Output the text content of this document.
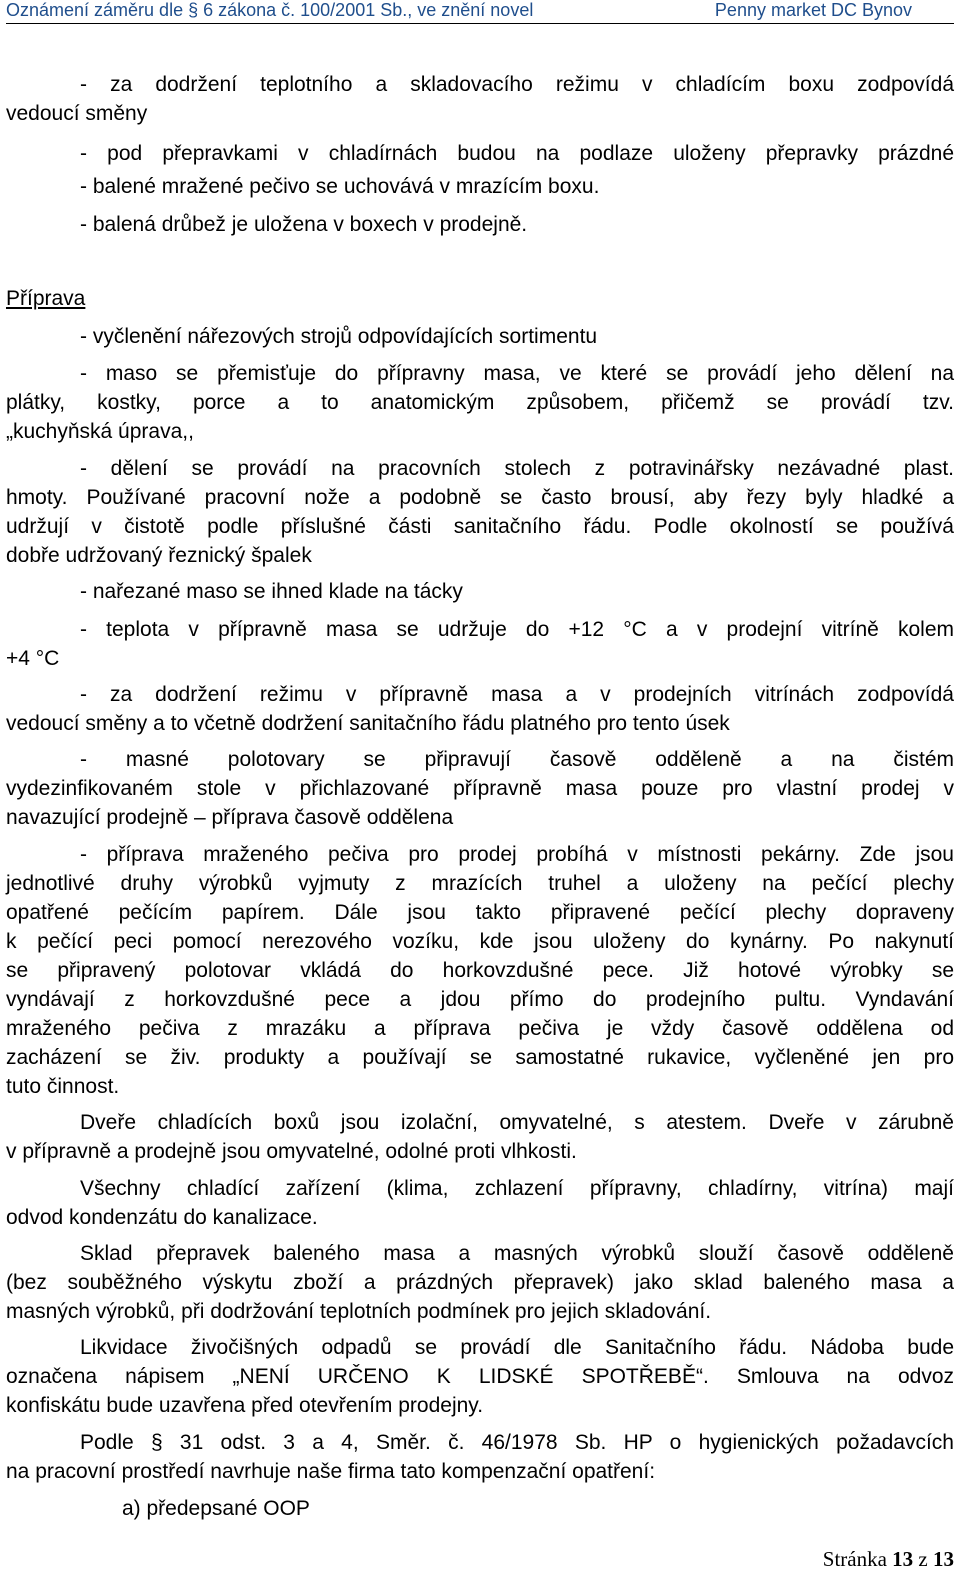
Oznámení záměru dle § 6 zákona č. 100/2001 Sb., ve znění novel	Penny market DC Bynov
- za dodržení teplotního a skladovacího režimu v chladícím boxu zodpovídá
vedoucí směny
- pod přepravkami v chladírnách budou na podlaze uloženy přepravky prázdné
- balené mražené pečivo se uchovává v mrazícím boxu.
- balená drůbež je uložena v boxech v prodejně.
Příprava
- vyčlenění nářezových strojů odpovídajících sortimentu
- maso se přemisťuje do přípravny masa, ve které se provádí jeho dělení na
plátky, kostky, porce a to anatomickým způsobem, přičemž se provádí tzv.
„kuchyňská úprava,,
- dělení se provádí na pracovních stolech z potravinářsky nezávadné plast.
hmoty. Používané pracovní nože a podobně se často brousí, aby řezy byly hladké a
udržují v čistotě podle příslušné části sanitačního řádu. Podle okolností se používá
dobře udržovaný řeznický špalek
- nařezané maso se ihned klade na tácky
- teplota v přípravně masa se udržuje do +12 °C a v prodejní vitríně kolem
+4 °C
- za dodržení režimu v přípravně masa a v prodejních vitrínách zodpovídá
vedoucí směny a to včetně dodržení sanitačního řádu platného pro tento úsek
- masné polotovary se připravují časově odděleně a na čistém
vydezinfikovaném stole v přichlazované přípravně masa pouze pro vlastní prodej v
navazující prodejně – příprava časově oddělena
- příprava mraženého pečiva pro prodej probíhá v místnosti pekárny. Zde jsou
jednotlivé druhy výrobků vyjmuty z mrazících truhel a uloženy na pečící plechy
opatřené pečícím papírem. Dále jsou takto připravené pečící plechy dopraveny
k pečící peci pomocí nerezového vozíku, kde jsou uloženy do kynárny. Po nakynutí
se připravený polotovar vkládá do horkovzdušné pece. Již hotové výrobky se
vyndávají z horkovzdušné pece a jdou přímo do prodejního pultu. Vyndavání
mraženého pečiva z mrazáku a příprava pečiva je vždy časově oddělena od
zacházení se živ. produkty a používají se samostatné rukavice, vyčleněné jen pro
tuto činnost.
Dveře chladících boxů jsou izolační, omyvatelné, s atestem. Dveře v zárubně
v přípravně a prodejně jsou omyvatelné, odolné proti vlhkosti.
Všechny chladící zařízení (klima, zchlazení přípravny, chladírny, vitrína) mají
odvod kondenzátu do kanalizace.
Sklad přepravek baleného masa a masných výrobků slouží časově odděleně
(bez souběžného výskytu zboží a prázdných přepravek) jako sklad baleného masa a
masných výrobků, při dodržování teplotních podmínek pro jejich skladování.
Likvidace živočišných odpadů se provádí dle Sanitačního řádu. Nádoba bude
označena nápisem „NENÍ URČENO K LIDSKÉ SPOTŘEBĚ“. Smlouva na odvoz
konfiskátu bude uzavřena před otevřením prodejny.
Podle § 31 odst. 3 a 4, Směr. č. 46/1978 Sb. HP o hygienických požadavcích
na pracovní prostředí navrhuje naše firma tato kompenzační opatření:
a) předepsané OOP
Stránka 13 z 13
